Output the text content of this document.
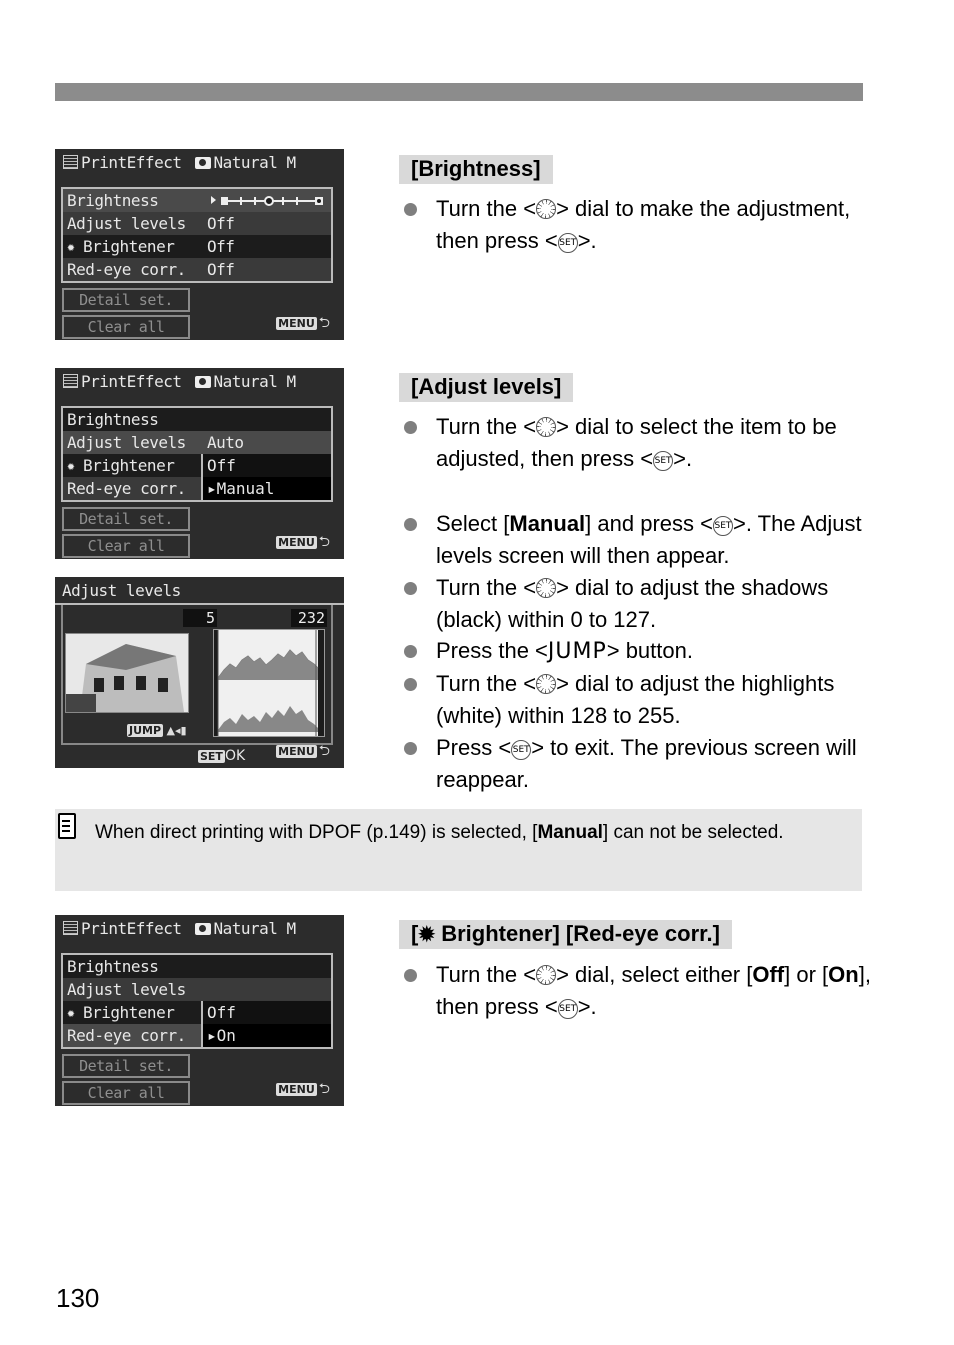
PrintEffect Natural M
Brightness
Adjust levels Off
✹Brightener Off
Red-eye corr. Off
Detail set.
Clear all	MENU ⮌
PrintEffect Natural M
Brightness
Adjust levels Auto
✹Brightener	Off
Red-eye corr.	▸Manual
Detail set.
Clear all	MENU ⮌
Adjust levels
5	232
JUMP ▲◂▮
SET OK	MENU ⮌
PrintEffect Natural M
Brightness
Adjust levels
✹Brightener	Off
Red-eye corr.	▸On
Detail set.
Clear all	MENU ⮌
[Brightness]
Turn the < > dial to make the adjustment, then press < SET>.
[Adjust levels]
Turn the < > dial to select the item to be adjusted, then press < SET>.
Select [Manual] and press < SET>. The Adjust levels screen will then appear.
Turn the < > dial to adjust the shadows (black) within 0 to 127.
Press the <JUMP> button.
Turn the < > dial to adjust the highlights (white) within 128 to 255.
Press < SET> to exit. The previous screen will reappear.
When direct printing with DPOF (p.149) is selected, [Manual] can not be selected.
[✹ Brightener] [Red-eye corr.]
Turn the < > dial, select either [Off] or [On], then press < SET>.
130
